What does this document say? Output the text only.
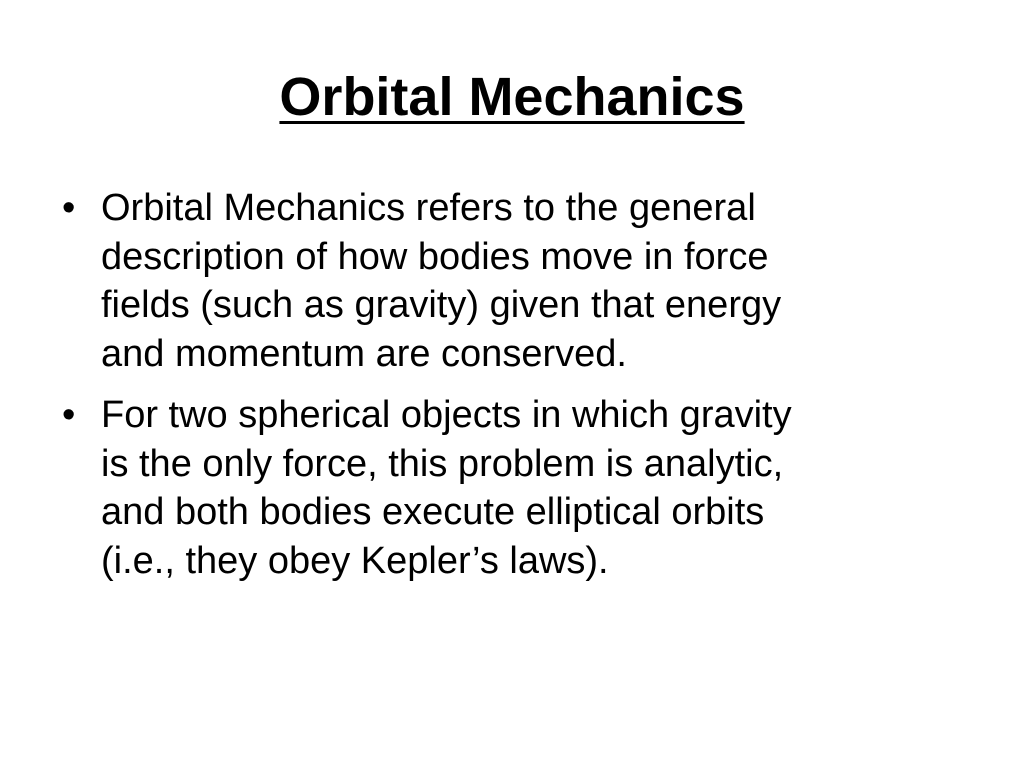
Orbital Mechanics
• Orbital Mechanics refers to the general
description of how bodies move in force
fields (such as gravity) given that energy
and momentum are conserved.
• For two spherical objects in which gravity
is the only force, this problem is analytic,
and both bodies execute elliptical orbits
(i.e., they obey Kepler’s laws).
